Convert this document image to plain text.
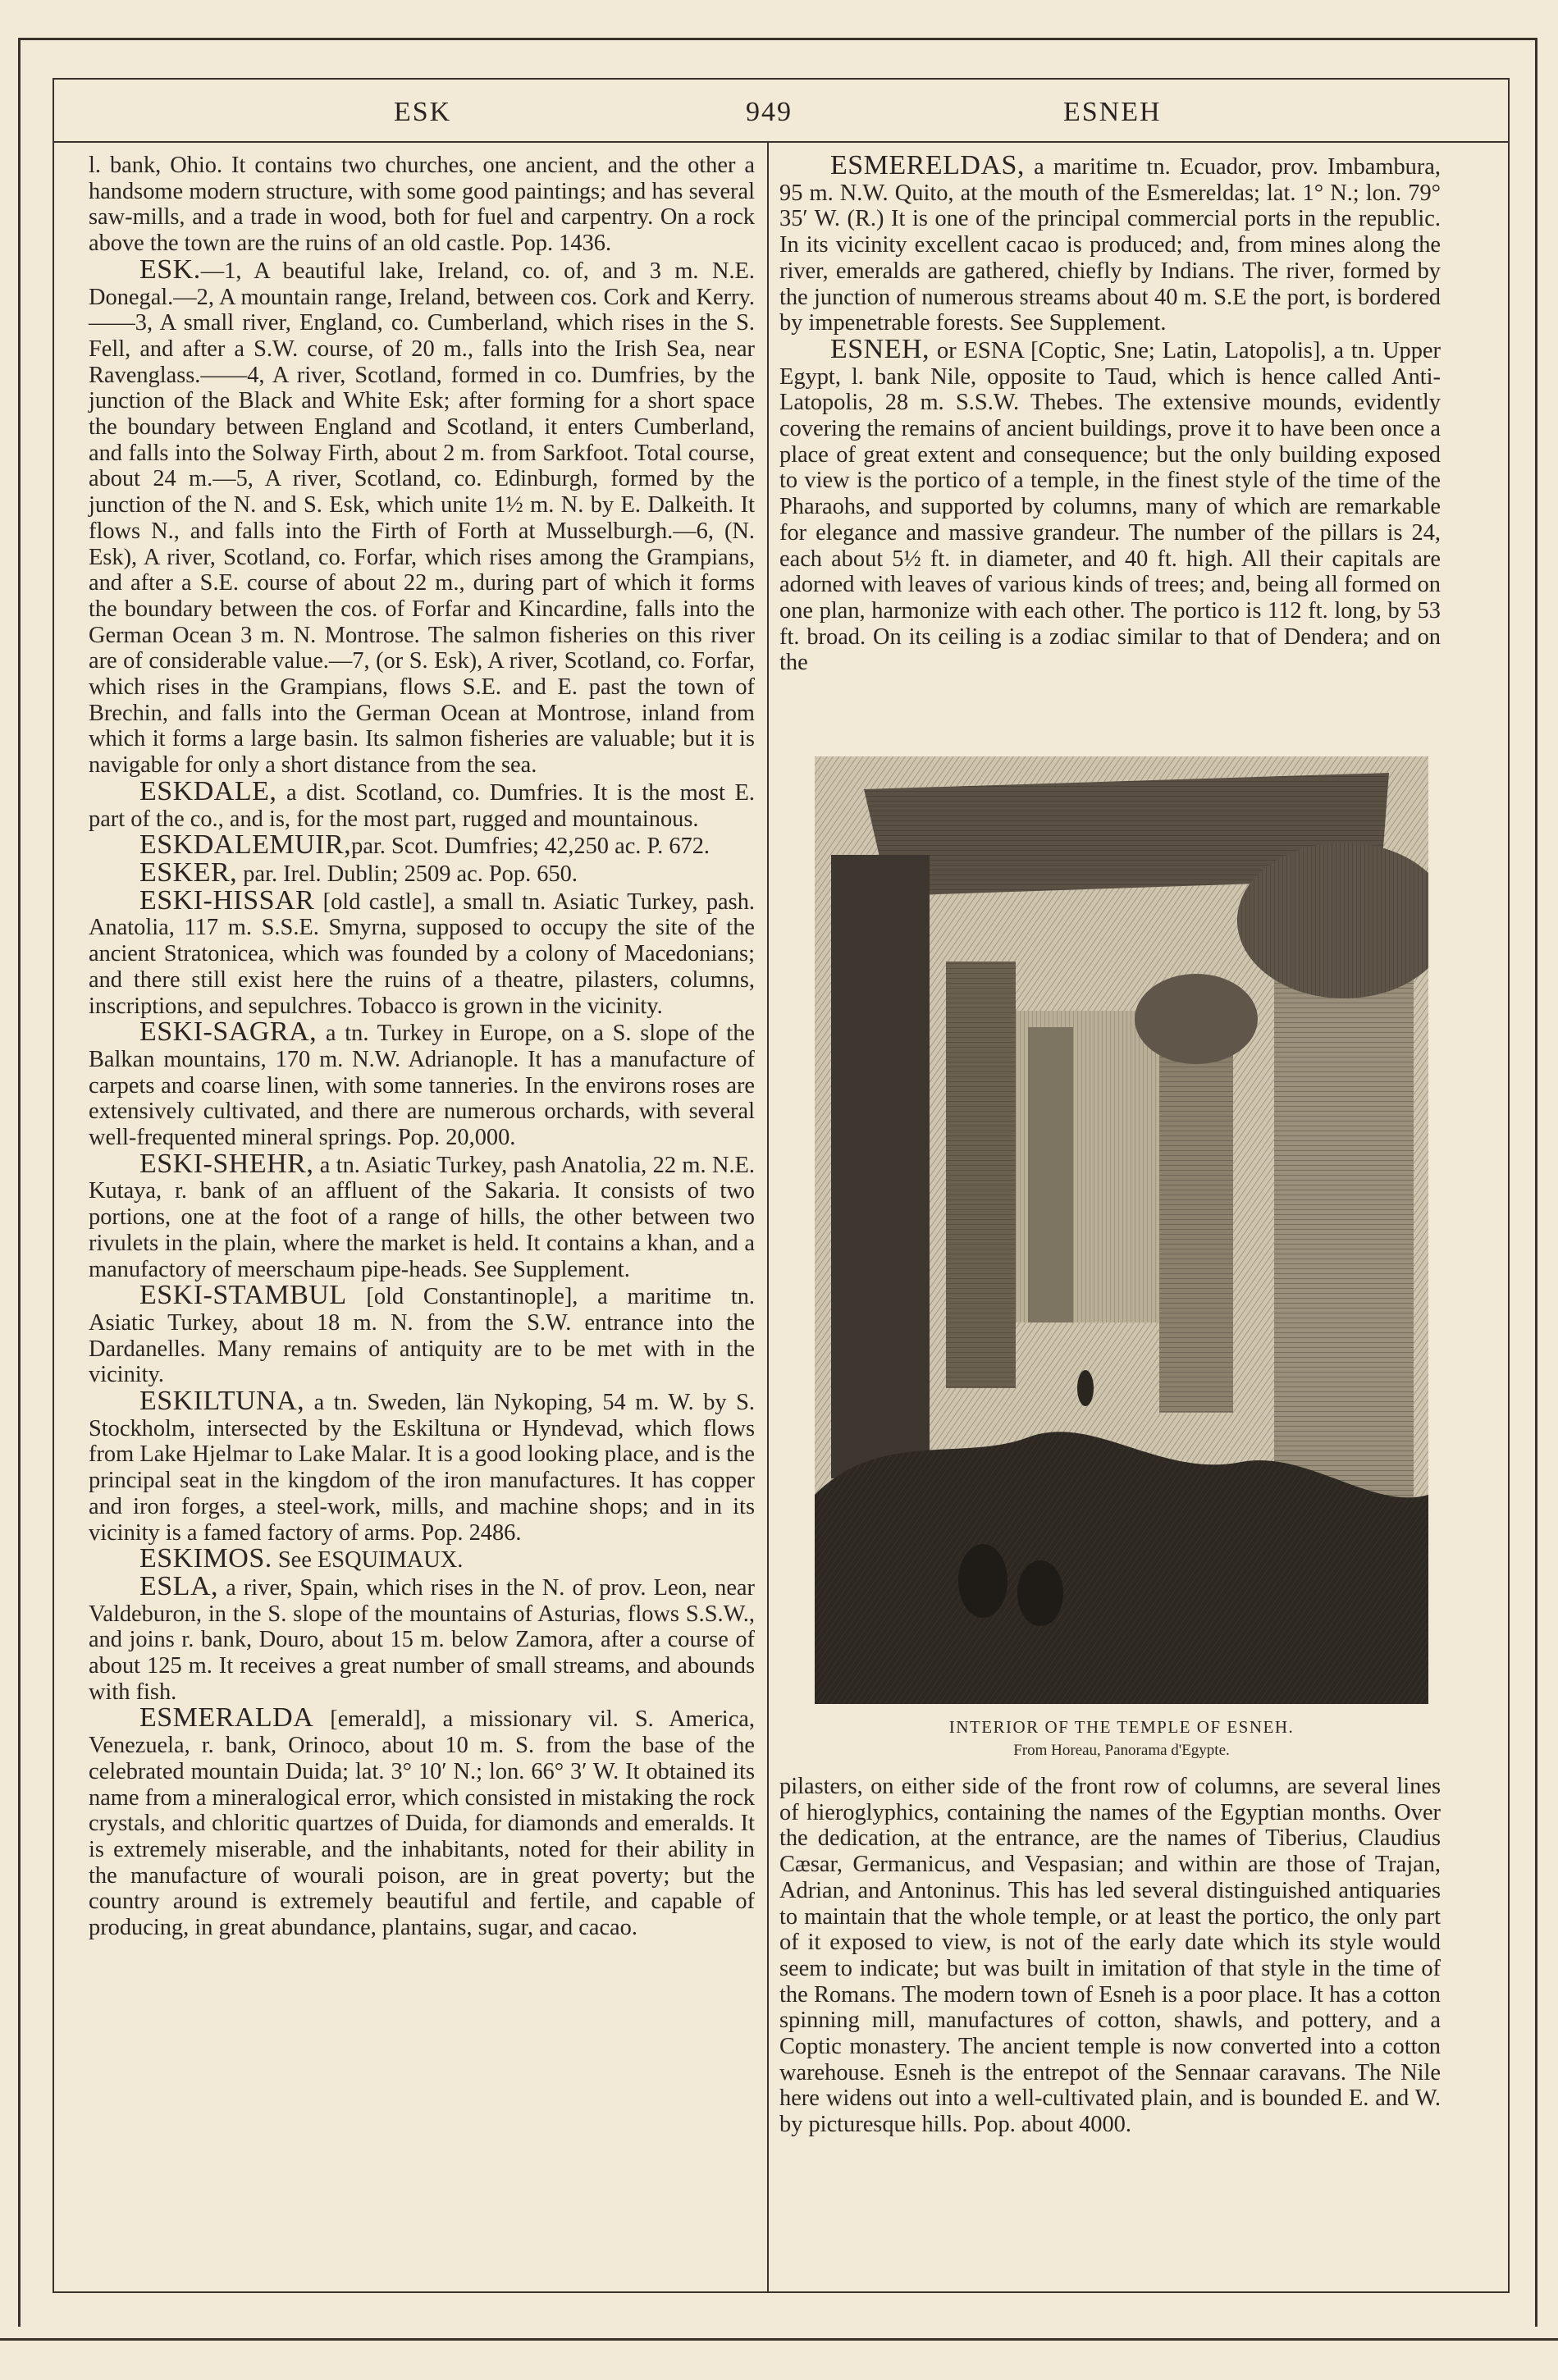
ESK	949	ESNEH

l. bank, Ohio. It contains two churches, one ancient, and the other a handsome modern structure, with some good paintings; and has several saw-mills, and a trade in wood, both for fuel and carpentry. On a rock above the town are the ruins of an old castle. Pop. 1436.

ESK.—1, A beautiful lake, Ireland, co. of, and 3 m. N.E. Donegal.—2, A mountain range, Ireland, between cos. Cork and Kerry.——3, A small river, England, co. Cumberland, which rises in the S. Fell, and after a S.W. course, of 20 m., falls into the Irish Sea, near Ravenglass.——4, A river, Scotland, formed in co. Dumfries, by the junction of the Black and White Esk; after forming for a short space the boundary between England and Scotland, it enters Cumberland, and falls into the Solway Firth, about 2 m. from Sarkfoot. Total course, about 24 m.—5, A river, Scotland, co. Edinburgh, formed by the junction of the N. and S. Esk, which unite 1½ m. N. by E. Dalkeith. It flows N., and falls into the Firth of Forth at Musselburgh.—6, (N. Esk), A river, Scotland, co. Forfar, which rises among the Grampians, and after a S.E. course of about 22 m., during part of which it forms the boundary between the cos. of Forfar and Kincardine, falls into the German Ocean 3 m. N. Montrose. The salmon fisheries on this river are of considerable value.—7, (or S. Esk), A river, Scotland, co. Forfar, which rises in the Grampians, flows S.E. and E. past the town of Brechin, and falls into the German Ocean at Montrose, inland from which it forms a large basin. Its salmon fisheries are valuable; but it is navigable for only a short distance from the sea.

ESKDALE, a dist. Scotland, co. Dumfries. It is the most E. part of the co., and is, for the most part, rugged and mountainous.

ESKDALEMUIR,par. Scot. Dumfries; 42,250 ac. P. 672.

ESKER, par. Irel. Dublin; 2509 ac. Pop. 650.

ESKI-HISSAR [old castle], a small tn. Asiatic Turkey, pash. Anatolia, 117 m. S.S.E. Smyrna, supposed to occupy the site of the ancient Stratonicea, which was founded by a colony of Macedonians; and there still exist here the ruins of a theatre, pilasters, columns, inscriptions, and sepulchres. Tobacco is grown in the vicinity.

ESKI-SAGRA, a tn. Turkey in Europe, on a S. slope of the Balkan mountains, 170 m. N.W. Adrianople. It has a manufacture of carpets and coarse linen, with some tanneries. In the environs roses are extensively cultivated, and there are numerous orchards, with several well-frequented mineral springs. Pop. 20,000.

ESKI-SHEHR, a tn. Asiatic Turkey, pash Anatolia, 22 m. N.E. Kutaya, r. bank of an affluent of the Sakaria. It consists of two portions, one at the foot of a range of hills, the other between two rivulets in the plain, where the market is held. It contains a khan, and a manufactory of meerschaum pipe-heads. See Supplement.

ESKI-STAMBUL [old Constantinople], a maritime tn. Asiatic Turkey, about 18 m. N. from the S.W. entrance into the Dardanelles. Many remains of antiquity are to be met with in the vicinity.

ESKILTUNA, a tn. Sweden, län Nykoping, 54 m. W. by S. Stockholm, intersected by the Eskiltuna or Hyndevad, which flows from Lake Hjelmar to Lake Malar. It is a good looking place, and is the principal seat in the kingdom of the iron manufactures. It has copper and iron forges, a steel-work, mills, and machine shops; and in its vicinity is a famed factory of arms. Pop. 2486.

ESKIMOS. See ESQUIMAUX.

ESLA, a river, Spain, which rises in the N. of prov. Leon, near Valdeburon, in the S. slope of the mountains of Asturias, flows S.S.W., and joins r. bank, Douro, about 15 m. below Zamora, after a course of about 125 m. It receives a great number of small streams, and abounds with fish.

ESMERALDA [emerald], a missionary vil. S. America, Venezuela, r. bank, Orinoco, about 10 m. S. from the base of the celebrated mountain Duida; lat. 3° 10′ N.; lon. 66° 3′ W. It obtained its name from a mineralogical error, which consisted in mistaking the rock crystals, and chloritic quartzes of Duida, for diamonds and emeralds. It is extremely miserable, and the inhabitants, noted for their ability in the manufacture of wourali poison, are in great poverty; but the country around is extremely beautiful and fertile, and capable of producing, in great abundance, plantains, sugar, and cacao.

ESMERELDAS, a maritime tn. Ecuador, prov. Imbambura, 95 m. N.W. Quito, at the mouth of the Esmereldas; lat. 1° N.; lon. 79° 35′ W. (R.) It is one of the principal commercial ports in the republic. In its vicinity excellent cacao is produced; and, from mines along the river, emeralds are gathered, chiefly by Indians. The river, formed by the junction of numerous streams about 40 m. S.E the port, is bordered by impenetrable forests. See Supplement.

ESNEH, or ESNA [Coptic, Sne; Latin, Latopolis], a tn. Upper Egypt, l. bank Nile, opposite to Taud, which is hence called Anti-Latopolis, 28 m. S.S.W. Thebes. The extensive mounds, evidently covering the remains of ancient buildings, prove it to have been once a place of great extent and consequence; but the only building exposed to view is the portico of a temple, in the finest style of the time of the Pharaohs, and supported by columns, many of which are remarkable for elegance and massive grandeur. The number of the pillars is 24, each about 5½ ft. in diameter, and 40 ft. high. All their capitals are adorned with leaves of various kinds of trees; and, being all formed on one plan, harmonize with each other. The portico is 112 ft. long, by 53 ft. broad. On its ceiling is a zodiac similar to that of Dendera; and on the

INTERIOR OF THE TEMPLE OF ESNEH.
From Horeau, Panorama d'Egypte.

pilasters, on either side of the front row of columns, are several lines of hieroglyphics, containing the names of the Egyptian months. Over the dedication, at the entrance, are the names of Tiberius, Claudius Cæsar, Germanicus, and Vespasian; and within are those of Trajan, Adrian, and Antoninus. This has led several distinguished antiquaries to maintain that the whole temple, or at least the portico, the only part of it exposed to view, is not of the early date which its style would seem to indicate; but was built in imitation of that style in the time of the Romans. The modern town of Esneh is a poor place. It has a cotton spinning mill, manufactures of cotton, shawls, and pottery, and a Coptic monastery. The ancient temple is now converted into a cotton warehouse. Esneh is the entrepot of the Sennaar caravans. The Nile here widens out into a well-cultivated plain, and is bounded E. and W. by picturesque hills. Pop. about 4000.
